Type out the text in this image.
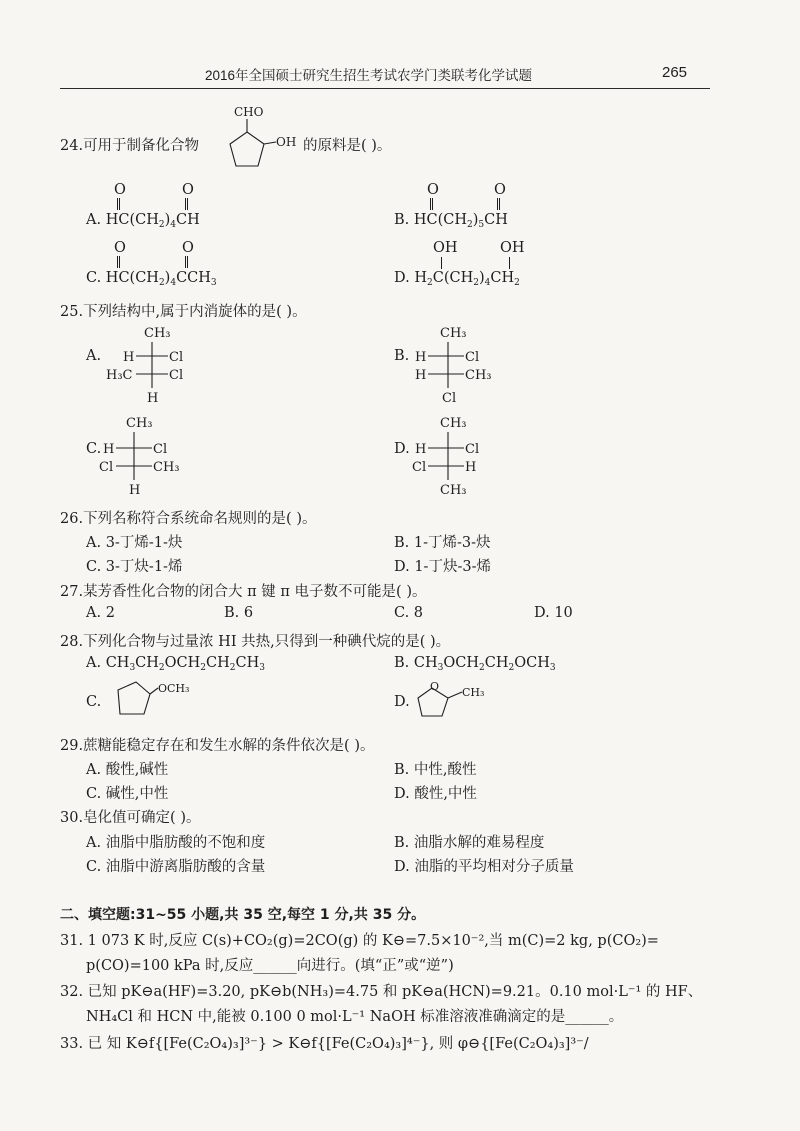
2016年全国硕士研究生招生考试农学门类联考化学试题	265
24.可用于制备化合物
CHO
OH 的原料是( )。
O	O
A. $HC(CH_2)_4CH$
O	O
B. $HC(CH_2)_5CH$
O	O
C. $HC(CH_2)_4CCH_3$
OH	OH
D. $H_2C(CH_2)_4CH_2$
25.下列结构中,属于内消旋体的是( )。
A.
CH₃
H	Cl
H₃C	Cl
H
B.
CH₃
H	Cl
H	CH₃
Cl
C.
CH₃
H	Cl
Cl	CH₃
H
D.
CH₃
H	Cl
Cl	H
CH₃
26.下列名称符合系统命名规则的是( )。
A. 3-丁烯-1-炔	B. 1-丁烯-3-炔
C. 3-丁炔-1-烯	D. 1-丁炔-3-烯
27.某芳香性化合物的闭合大 π 键 π 电子数不可能是( )。
A. 2	B. 6	C. 8	D. 10
28.下列化合物与过量浓 HI 共热,只得到一种碘代烷的是( )。
A. $CH_3CH_2OCH_2CH_2CH_3$	B. $CH_3OCH_2CH_2OCH_3$
C.
OCH₃
D.
O CH₃
29.蔗糖能稳定存在和发生水解的条件依次是( )。
A. 酸性,碱性	B. 中性,酸性
C. 碱性,中性	D. 酸性,中性
30.皂化值可确定( )。
A. 油脂中脂肪酸的不饱和度	B. 油脂水解的难易程度
C. 油脂中游离脂肪酸的含量	D. 油脂的平均相对分子质量
二、填空题:31~55 小题,共 35 空,每空 1 分,共 35 分。
31. 1 073 K 时,反应 C(s)+CO₂(g)=2CO(g) 的 K⊖=7.5×10⁻²,当 m(C)=2 kg, p(CO₂)=
p(CO)=100 kPa 时,反应______向进行。(填“正”或“逆”)
32. 已知 pK⊖a(HF)=3.20, pK⊖b(NH₃)=4.75 和 pK⊖a(HCN)=9.21。0.10 mol·L⁻¹ 的 HF、
NH₄Cl 和 HCN 中,能被 0.100 0 mol·L⁻¹ NaOH 标准溶液准确滴定的是______。
33. 已 知 K⊖f{[Fe(C₂O₄)₃]³⁻} > K⊖f{[Fe(C₂O₄)₃]⁴⁻}, 则 φ⊖{[Fe(C₂O₄)₃]³⁻/
